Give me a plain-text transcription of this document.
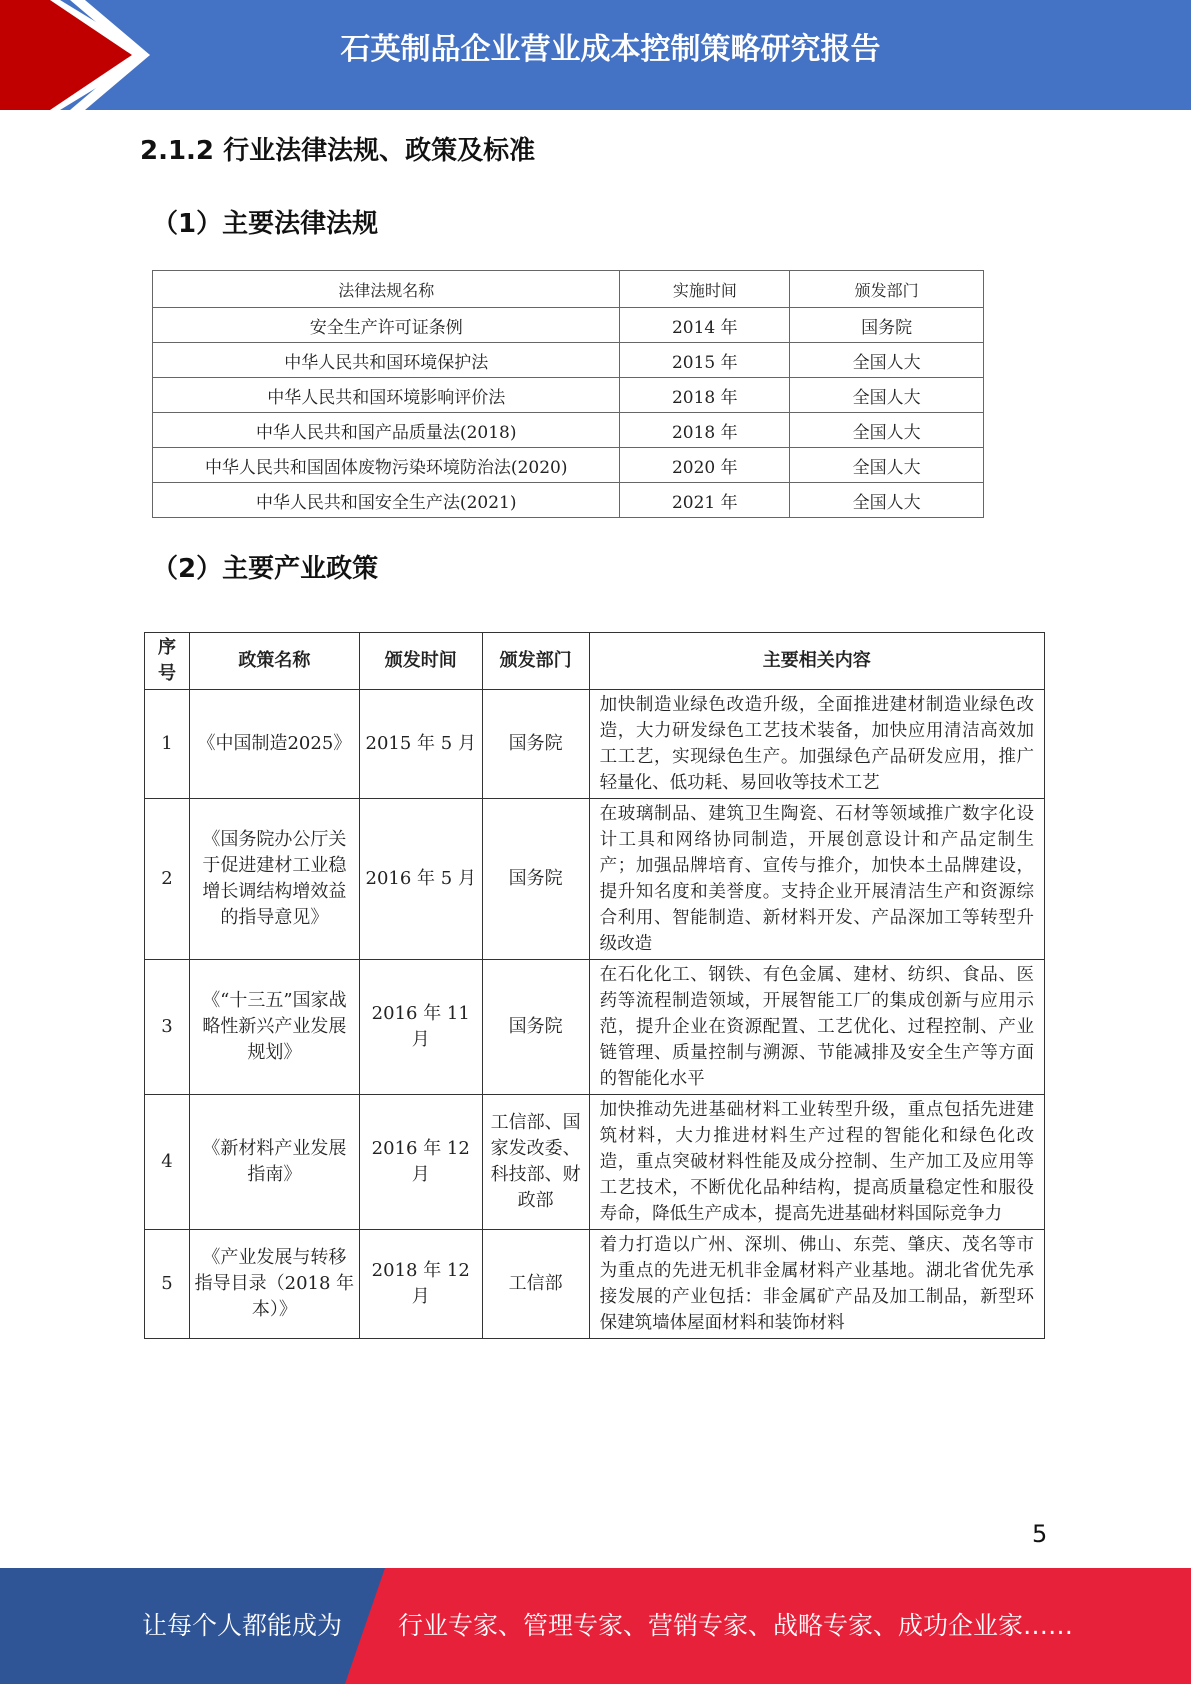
石英制品企业营业成本控制策略研究报告
2.1.2 行业法律法规、政策及标准
（1）主要法律法规
法律法规名称	实施时间	颁发部门
安全生产许可证条例	2014 年	国务院
中华人民共和国环境保护法	2015 年	全国人大
中华人民共和国环境影响评价法	2018 年	全国人大
中华人民共和国产品质量法(2018)	2018 年	全国人大
中华人民共和国固体废物污染环境防治法(2020)	2020 年	全国人大
中华人民共和国安全生产法(2021)	2021 年	全国人大
（2）主要产业政策
序号	政策名称	颁发时间	颁发部门	主要相关内容
1	《中国制造2025》	2015 年 5 月	国务院	加快制造业绿色改造升级，全面推进建材制造业绿色改造，大力研发绿色工艺技术装备，加快应用清洁高效加工工艺，实现绿色生产。加强绿色产品研发应用，推广轻量化、低功耗、易回收等技术工艺
2	《国务院办公厅关于促进建材工业稳增长调结构增效益的指导意见》	2016 年 5 月	国务院	在玻璃制品、建筑卫生陶瓷、石材等领域推广数字化设计工具和网络协同制造，开展创意设计和产品定制生产；加强品牌培育、宣传与推介，加快本土品牌建设，提升知名度和美誉度。支持企业开展清洁生产和资源综合利用、智能制造、新材料开发、产品深加工等转型升级改造
3	《“十三五”国家战略性新兴产业发展规划》	2016 年 11 月	国务院	在石化化工、钢铁、有色金属、建材、纺织、食品、医药等流程制造领域，开展智能工厂的集成创新与应用示范，提升企业在资源配置、工艺优化、过程控制、产业链管理、质量控制与溯源、节能减排及安全生产等方面的智能化水平
4	《新材料产业发展指南》	2016 年 12 月	工信部、国家发改委、科技部、财政部	加快推动先进基础材料工业转型升级，重点包括先进建筑材料，大力推进材料生产过程的智能化和绿色化改造，重点突破材料性能及成分控制、生产加工及应用等工艺技术，不断优化品种结构，提高质量稳定性和服役寿命，降低生产成本，提高先进基础材料国际竞争力
5	《产业发展与转移指导目录（2018 年本）》	2018 年 12 月	工信部	着力打造以广州、深圳、佛山、东莞、肇庆、茂名等市为重点的先进无机非金属材料产业基地。湖北省优先承接发展的产业包括：非金属矿产品及加工制品，新型环保建筑墙体屋面材料和装饰材料
5
让每个人都能成为 行业专家、管理专家、营销专家、战略专家、成功企业家……
